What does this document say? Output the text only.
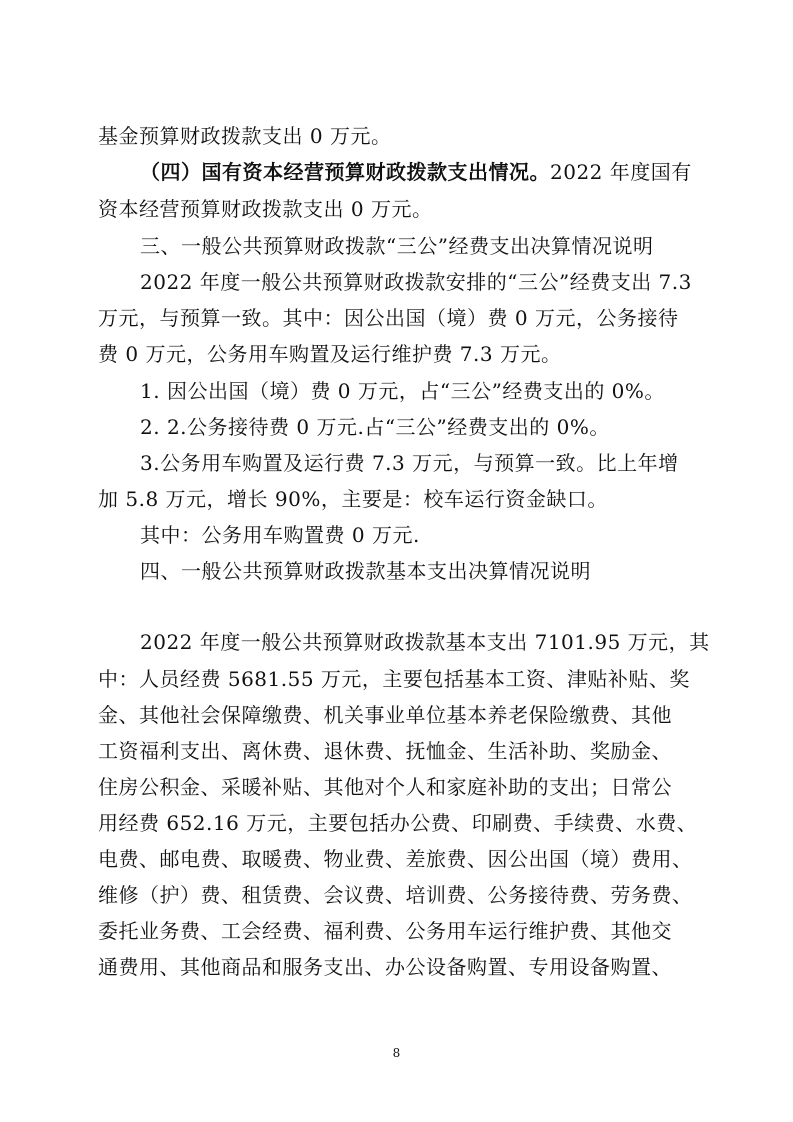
基金预算财政拨款支出 0 万元。
（四）国有资本经营预算财政拨款支出情况。2022 年度国有
资本经营预算财政拨款支出 0 万元。
三、一般公共预算财政拨款“三公”经费支出决算情况说明
2022 年度一般公共预算财政拨款安排的“三公”经费支出 7.3
万元，与预算一致。其中：因公出国（境）费 0 万元，公务接待
费 0 万元，公务用车购置及运行维护费 7.3 万元。
1. 因公出国（境）费 0 万元，占“三公”经费支出的 0%。
2. 2.公务接待费 0 万元.占“三公”经费支出的 0%。
3.公务用车购置及运行费 7.3 万元，与预算一致。比上年增
加 5.8 万元，增长 90%，主要是：校车运行资金缺口。
其中：公务用车购置费 0 万元.
四、一般公共预算财政拨款基本支出决算情况说明
2022 年度一般公共预算财政拨款基本支出 7101.95 万元，其
中：人员经费 5681.55 万元，主要包括基本工资、津贴补贴、奖
金、其他社会保障缴费、机关事业单位基本养老保险缴费、其他
工资福利支出、离休费、退休费、抚恤金、生活补助、奖励金、
住房公积金、采暖补贴、其他对个人和家庭补助的支出；日常公
用经费 652.16 万元，主要包括办公费、印刷费、手续费、水费、
电费、邮电费、取暖费、物业费、差旅费、因公出国（境）费用、
维修（护）费、租赁费、会议费、培训费、公务接待费、劳务费、
委托业务费、工会经费、福利费、公务用车运行维护费、其他交
通费用、其他商品和服务支出、办公设备购置、专用设备购置、
8
